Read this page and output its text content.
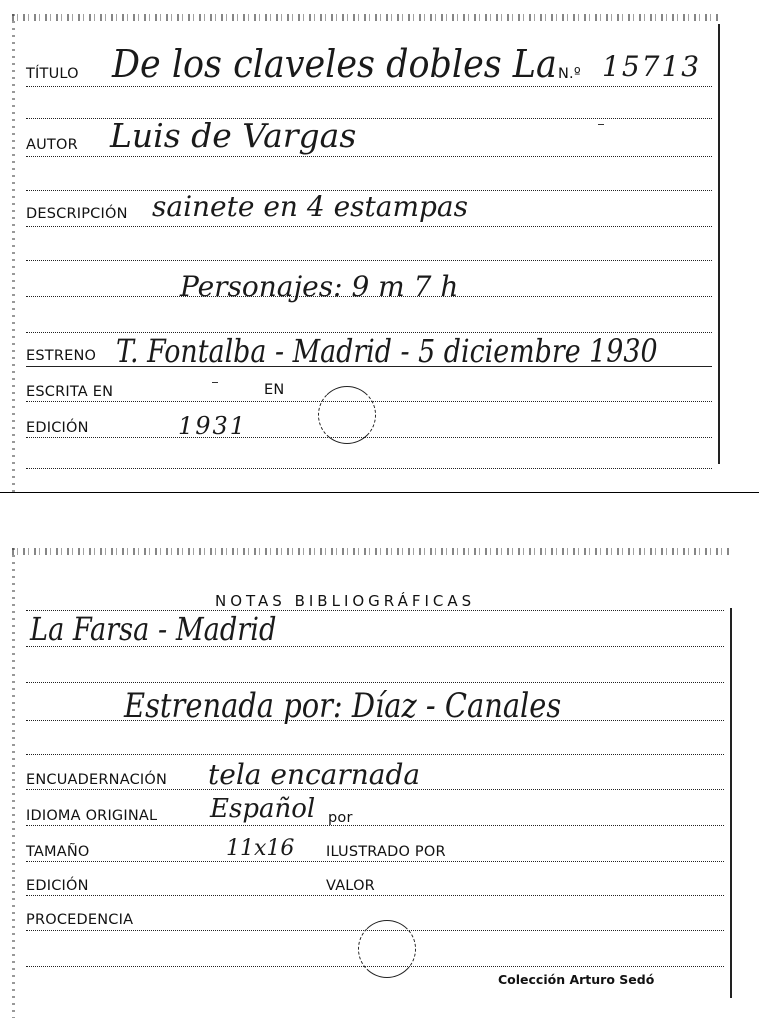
TÍTULO De los claveles dobles La N.º 15713
AUTOR Luis de Vargas
DESCRIPCIÓN sainete en 4 estampas
Personajes: 9 m 7 h
ESTRENO T. Fontalba - Madrid - 5 diciembre 1930
ESCRITA EN	EN
EDICIÓN	1931
NOTAS BIBLIOGRÁFICAS
La Farsa - Madrid
Estrenada por: Díaz - Canales
ENCUADERNACIÓN tela encarnada
IDIOMA ORIGINAL Español por
TAMAÑO	11x16 ILUSTRADO POR
EDICIÓN	VALOR
PROCEDENCIA
Colección Arturo Sedó
